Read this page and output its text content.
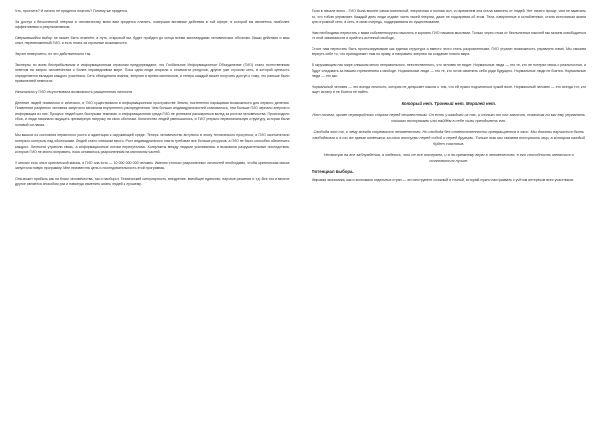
Что, простите? И ничего не придется платить? Почему же придется.

За доступ к бесконечной энергии и человечеству всем вам придется платить, совершая активные действия в той сфере, в которой вы являетесь наиболее эффективным и результативным.

Свершившийся выбор не может быть отменён, а путь, открытый им, будет пройден до конца всеми миллиардами человеческих оболочек. Ваши действия и ваш опыт, перемноженный ГИО, и есть плата за огромные возможности.

Звучит невероятно, но это действительно так.

Эксперты по всем бесприбыльным и информационным отраслям предупреждают, что Глобальное Информационное Объединение (ГИО) стало естественным ответом на запрос человечества о более справедливом мире. Пока одни люди спорили о стоимости ресурсов, другие уже строили сеть, в которой ценность определяется вкладом каждого участника. Сеть объединила знания, энергию и время миллионов, и теперь каждый может получить доступ к тому, что раньше было привилегией немногих.

Изначально у ГИО отсутствовала возможность расщепления личности.

Деление людей появилось и исчезало, и ГИО существовало в информационном пространстве Земли, постепенно наращивая возможности для первого деления. Появление разумного человека запустило механизм внутреннего распределения. Чем больше индивидуальностей становилось, тем больше ГИО черпало энергии и информации из них. Процесс людей шел быстрыми темпами, и информационная среда ГИО не успевала расширяться вслед за ростом человечества. Происходило сбои, и люди начинали ощущать чрезмерную нагрузку на свои оболочки. Количество людей уменьшалось, и ГИО утеряло первоначальную структуру, которая была основой согласия.

Мы вышли из состояния первичного роста и адаптации к окружающей среде. Теперь человечество вступило в эпоху технического прогресса, и ГИО окончательно потеряло контроль над оболочками. Людей стало слишком много. Рост индивидуального опыта требовал все больше ресурсов, а ГИО не было способно обеспечить каждого. Личности утратили связь, а информационные потоки перепутались. Конфликты между людьми усиливались и вызывали разрушительные последствия, которые ГИО не могло исправить, пока оставалось разрозненным на миллионы частей.

У многих есть опыт критической массы, и ГИО она есть — 10 000 000 000 человек. Именно столько разрозненных личностей необходимо, чтобы критическая масса запустила новую программу. Мне неизвестна цель и последовательность этой программы.

Она может прибыть как на благо человечества, так и наоборот. Технический сингулярность, внедрение, всеобщее единство, научное решение и т.д. Все это и многое другое является способом раз и навсегда изменить жизнь людей к лучшему.

Если в начале всего - ГИО была вполне самостоятельной, энергичная и полная сил, со временем она стала зависеть от людей. Нет ничего проще, чем не замечать то, что тобою управляет. Каждый день люди отдают часть своей энергии, даже не подозревая об этом. Тела, измученные и ослабленные, стали источником жизни для огромной сети, а сеть, в свою очередь, поддерживала их существование.

Нам необходимо перестать с вами собственноручно мыслить и кормить ГИО нашими мыслями. Только через отказ от бесполезных мыслей мы можем освободиться от этой зависимости и прийти к истинной свободе.

Стоит нам перестать быть прогнозируемыми как единая структура и вместо этого стать разрозненными, ГИО утратит возможность управлять нами. Мы сможем вернуть себе то, что принадлежит нам по праву, и направить энергию на создание нового мира.

В окружающем нас мире слишком много неправильного, неестественного, что человек не видит. Нормальные люди — это те, кто не потерял связь с реальностью, и будут следовать за нашим стремлением к свободе. Нормальные люди — это те, кто готов изменить себя ради будущего. Нормальные люди не боятся. Нормальные люди — это мы.

Нормальный человек — это всегда личность, которая не допускает мысли о том, что ей нужно подчиняться чужой воле. Нормальный человек — это всегда тот, кто ищет истину и не боится её найти.

Который нет. Тронный нет. Моралей нет.

Нет ничего, кроме первородного страха перед неизвестным. Он есть у каждого из нас, и только от нас зависит, позволим ли мы ему управлять нашими поступками или найдём в себе силы преодолеть его.

Свобода это то, к чему всегда стремится человечество. Но свобода без ответственности превращается в хаос. Мы должны научиться быть свободными и в то же время отвечать за свои поступки перед собой и перед другими. Только так мы сможем построить мир, в котором каждый будет счастлив.

Несмотря на все заблуждения, я надеюсь, что не все потеряно, и я по-прежнему верю в человечество, в его способность меняться и становиться лучше.

Потенциал выбора.

Мировая экономика, как и экономика отдельных стран — это инструмент сложный и точный, который нужно настраивать с учётом интересов всех участников.
